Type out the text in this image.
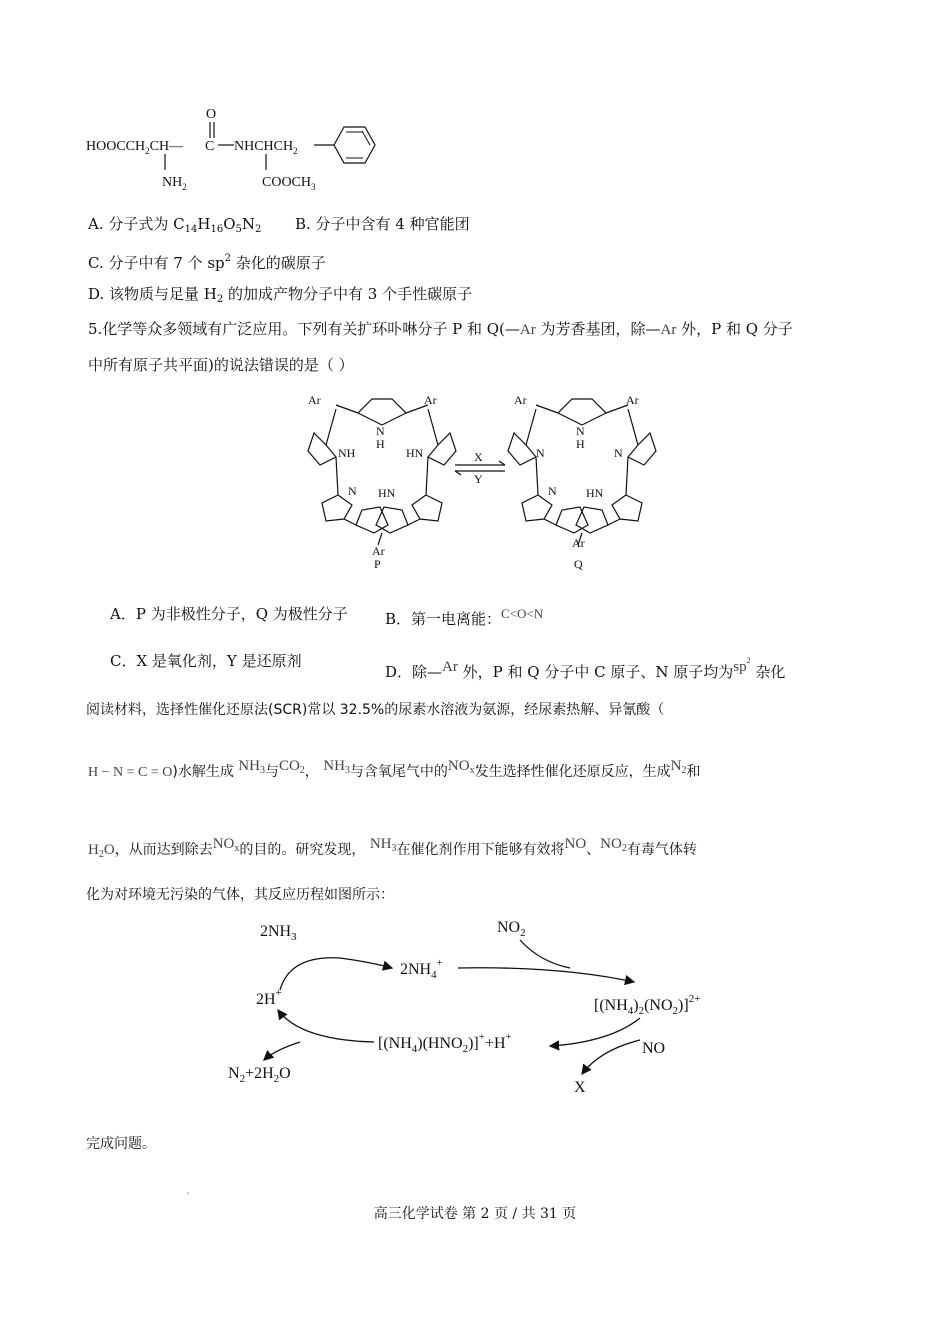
O
$HOOCCH_2CH—$ C $NHCHCH_2$
$NH_2$	$COOCH_3$
A. 分子式为 $C_{14}H_{16}O_5N_2$ B. 分子中含有 4 种官能团
C. 分子中有 7 个 $sp^2$ 杂化的碳原子
D. 该物质与足量 $H_2$ 的加成产物分子中有 3 个手性碳原子
5.化学等众多领域有广泛应用。下列有关扩环卟啉分子 P 和 Q(—Ar 为芳香基团，除—Ar 外，P 和 Q 分子
中所有原子共平面)的说法错误的是（ ）
Ar	Ar
N
H
NH	HN
N HN
Ar
P
X
Y
Ar	Ar
N
H
N	N
N HN
Ar
Q
A．P 为非极性分子，Q 为极性分子 B．第一电离能：C<O<N
C．X 是氧化剂，Y 是还原剂
D．除—Ar 外，P 和 Q 分子中 C 原子、N 原子均为$sp^2$ 杂化
阅读材料，选择性催化还原法(SCR)常以 32.5%的尿素水溶液为氨源，经尿素热解、异氰酸（
H − N = C = O)水解生成 $NH_3$与$CO_2$， $NH_3$与含氧尾气中的$NO_x$发生选择性催化还原反应，生成$N_2$和
$H_2O$，从而达到除去$NO_x$的目的。研究发现， $NH_3$在催化剂作用下能够有效将NO、$NO_2$有毒气体转
化为对环境无污染的气体，其反应历程如图所示：
$2NH_3$
$2NH_4^+$
$NO_2$
2H+
$[(NH_4)_2(NO_2)]^{2+}$
$[(NH_4)(HNO_2)]^++H^+$
NO
X
$N_2+2H_2O$
完成问题。
`
高三化学试卷 第 2 页 / 共 31 页
